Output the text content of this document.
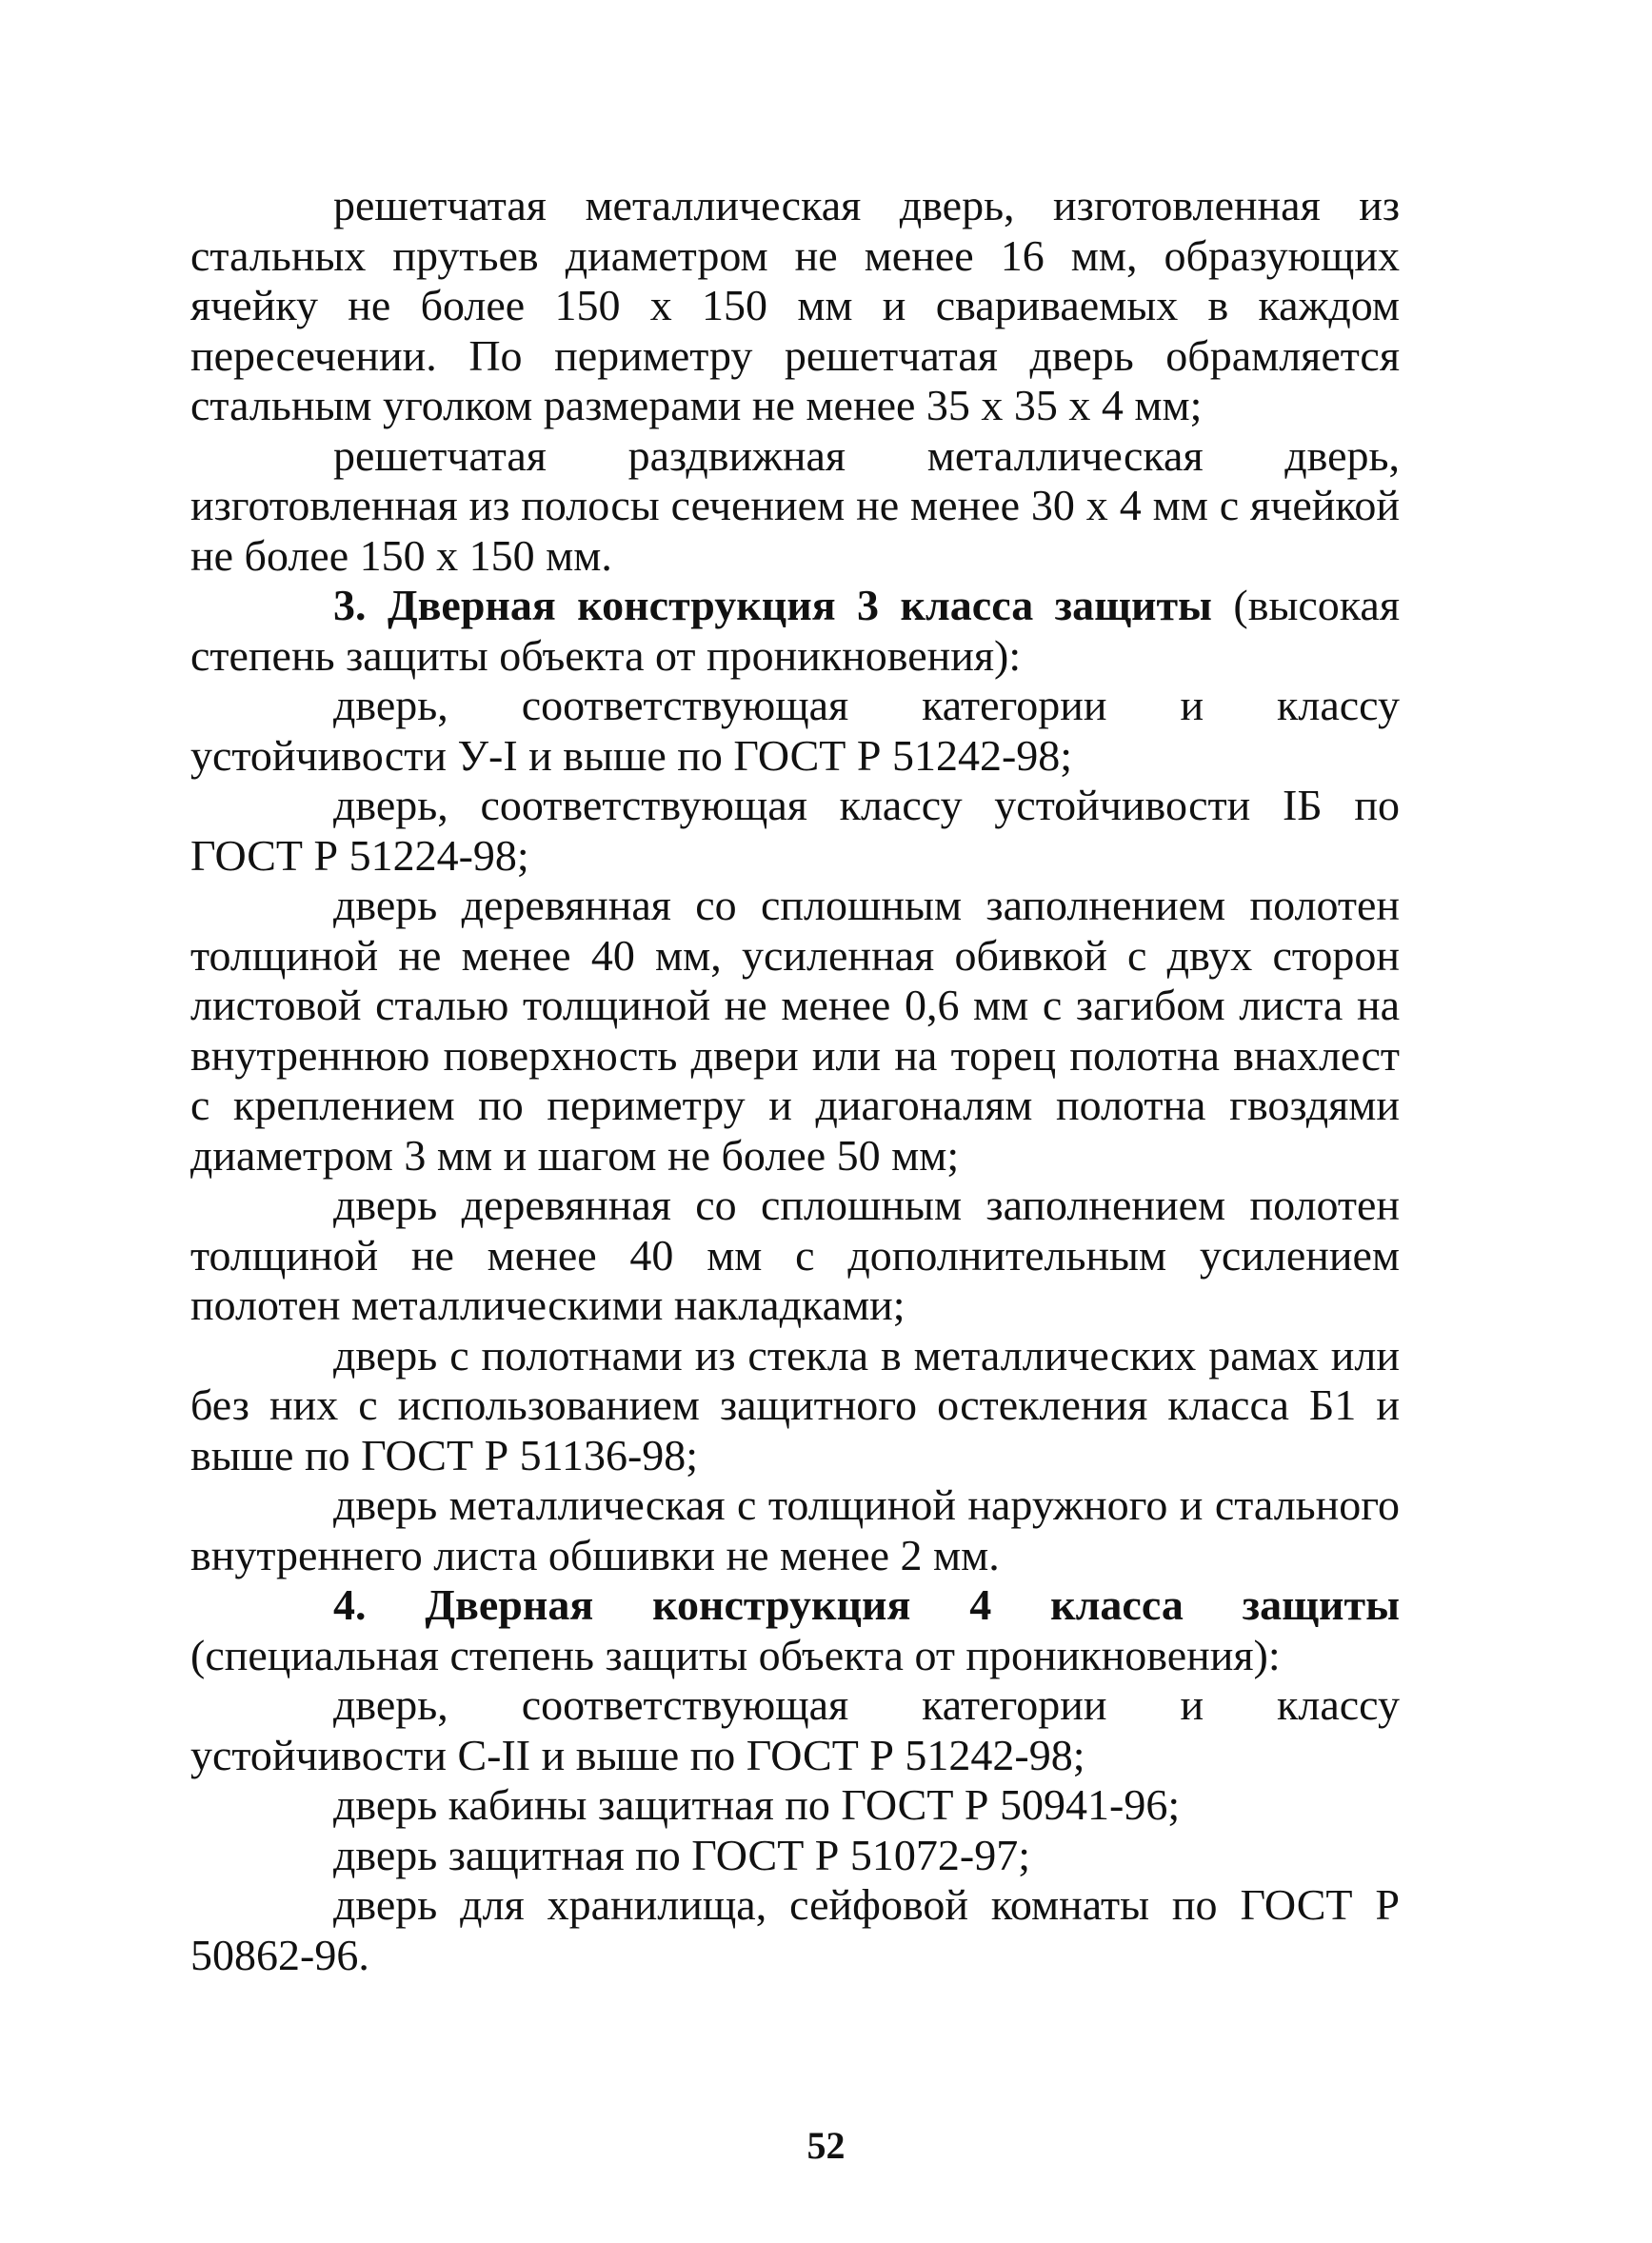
решетчатая металлическая дверь, изготовленная из стальных прутьев диаметром не менее 16 мм, образующих ячейку не более 150 х 150 мм и свариваемых в каждом пересечении. По периметру решетчатая дверь обрамляется стальным уголком размерами не менее 35 х 35 х 4 мм;

решетчатая раздвижная металлическая дверь, изготовленная из полосы сечением не менее 30 х 4 мм с ячейкой не более 150 х 150 мм.

3. Дверная конструкция 3 класса защиты (высокая степень защиты объекта от проникновения):

дверь, соответствующая категории и классу устойчивости У-I и выше по ГОСТ Р 51242-98;

дверь, соответствующая классу устойчивости IБ по ГОСТ Р 51224-98;

дверь деревянная со сплошным заполнением полотен толщиной не менее 40 мм, усиленная обивкой с двух сторон листовой сталью толщиной не менее 0,6 мм с загибом листа на внутреннюю поверхность двери или на торец полотна внахлест с креплением по периметру и диагоналям полотна гвоздями диаметром 3 мм и шагом не более 50 мм;

дверь деревянная со сплошным заполнением полотен толщиной не менее 40 мм с дополнительным усилением полотен металлическими накладками;

дверь с полотнами из стекла в металлических рамах или без них с использованием защитного остекления класса Б1 и выше по ГОСТ Р 51136-98;

дверь металлическая с толщиной наружного и стального внутреннего листа обшивки не менее 2 мм.

4. Дверная конструкция 4 класса защиты (специальная степень защиты объекта от проникновения):

дверь, соответствующая категории и классу устойчивости С-II и выше по ГОСТ Р 51242-98;

дверь кабины защитная по ГОСТ Р 50941-96;

дверь защитная по ГОСТ Р 51072-97;

дверь для хранилища, сейфовой комнаты по ГОСТ Р 50862-96.

52
